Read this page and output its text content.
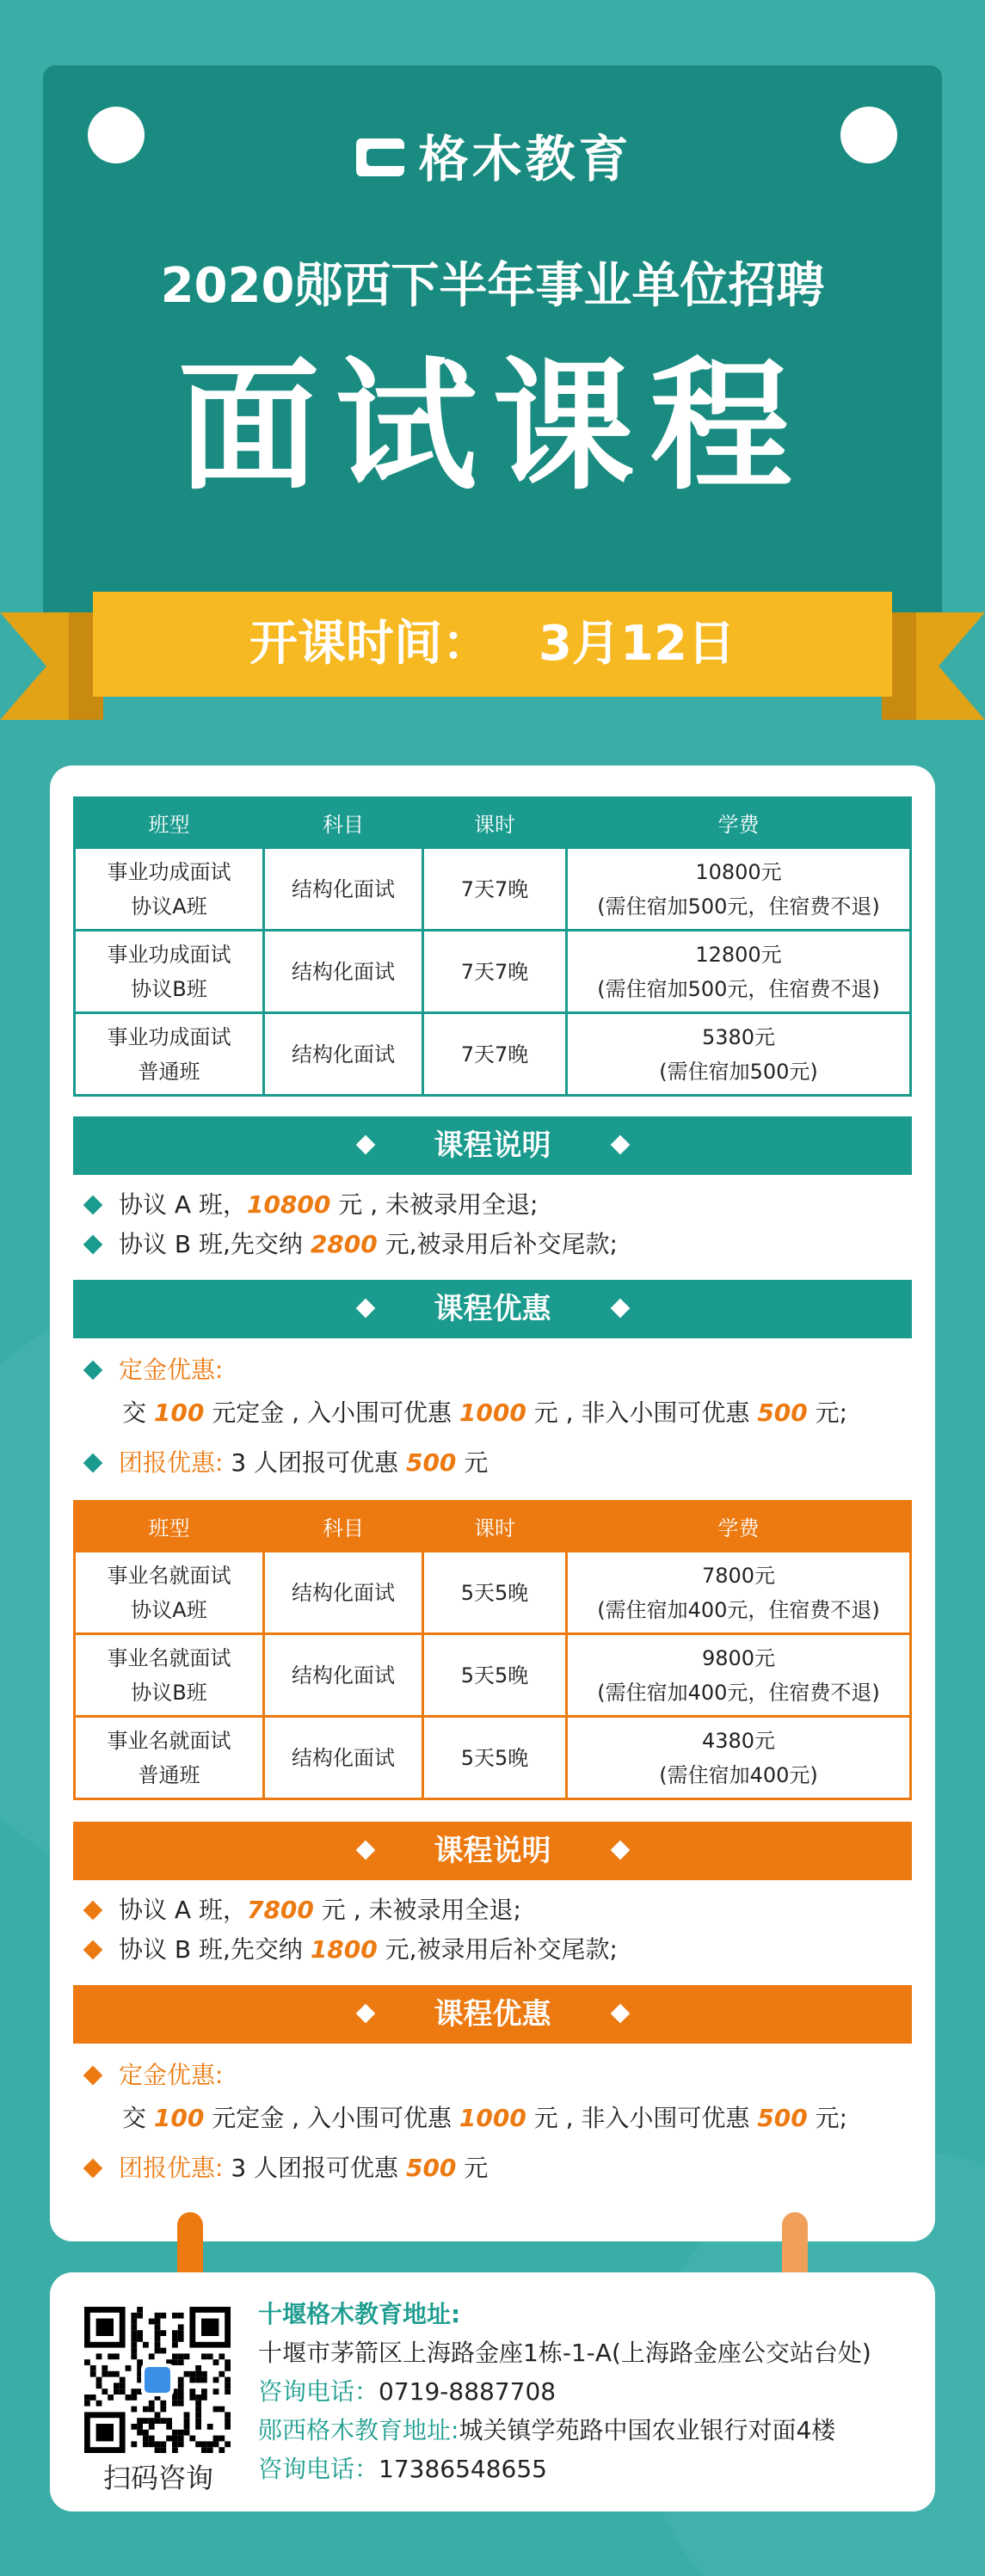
格木教育
2020郧西下半年事业单位招聘
面试课程
开课时间： 3月12日
班型	科目	课时	学费
事业功成面试
协议A班	结构化面试	7天7晚	10800元
(需住宿加500元，住宿费不退)
事业功成面试
协议B班	结构化面试	7天7晚	12800元
(需住宿加500元，住宿费不退)
事业功成面试
普通班	结构化面试	7天7晚	5380元
(需住宿加500元)
课程说明
协议 A 班，10800 元 , 未被录用全退;
协议 B 班,先交纳 2800 元,被录用后补交尾款;
课程优惠
定金优惠:
交 100 元定金 , 入小围可优惠 1000 元 , 非入小围可优惠 500 元;
团报优惠: 3 人团报可优惠 500 元
班型	科目	课时	学费
事业名就面试
协议A班	结构化面试	5天5晚	7800元
(需住宿加400元，住宿费不退)
事业名就面试
协议B班	结构化面试	5天5晚	9800元
(需住宿加400元，住宿费不退)
事业名就面试
普通班	结构化面试	5天5晚	4380元
(需住宿加400元)
课程说明
协议 A 班，7800 元 , 未被录用全退;
协议 B 班,先交纳 1800 元,被录用后补交尾款;
课程优惠
定金优惠:
交 100 元定金 , 入小围可优惠 1000 元 , 非入小围可优惠 500 元;
团报优惠: 3 人团报可优惠 500 元
扫码咨询
十堰格木教育地址:
十堰市茅箭区上海路金座1栋-1-A(上海路金座公交站台处)
咨询电话：0719-8887708
郧西格木教育地址:城关镇学苑路中国农业银行对面4楼
咨询电话：17386548655
